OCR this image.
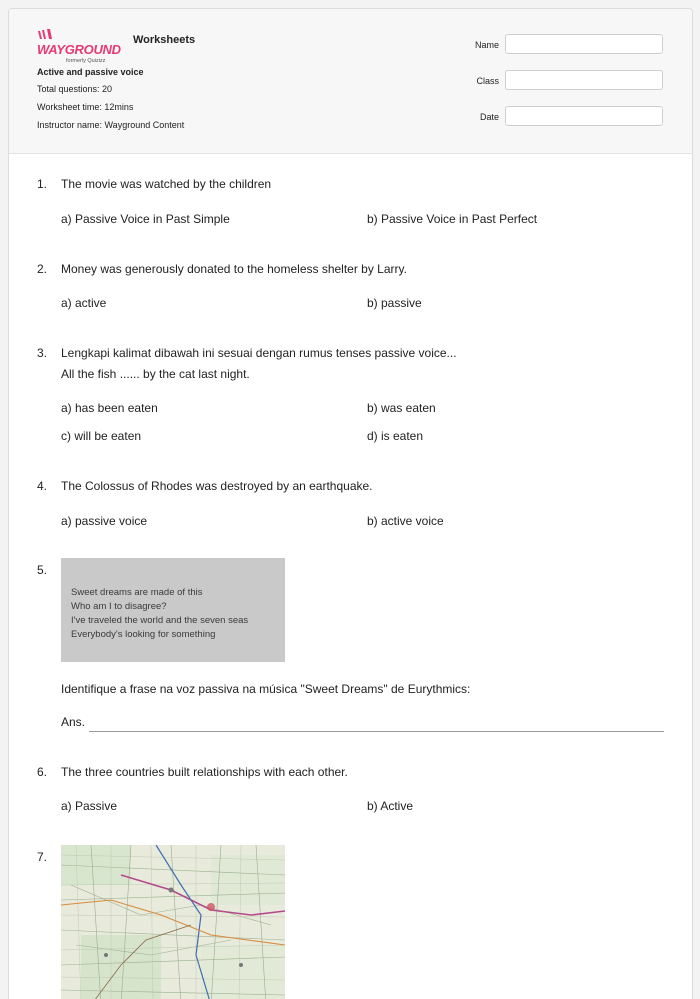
WAYGROUND
formerly Quizizz
Worksheets
Active and passive voice
Total questions: 20
Worksheet time: 12mins
Instructor name: Wayground Content
Name
Class
Date
1. The movie was watched by the children
a) Passive Voice in Past Simple	b) Passive Voice in Past Perfect
2. Money was generously donated to the homeless shelter by Larry.
a) active	b) passive
3. Lengkapi kalimat dibawah ini sesuai dengan rumus tenses passive voice...
All the fish ...... by the cat last night.
a) has been eaten	b) was eaten
c) will be eaten	d) is eaten
4. The Colossus of Rhodes was destroyed by an earthquake.
a) passive voice	b) active voice
5.
Sweet dreams are made of this
Who am I to disagree?
I've traveled the world and the seven seas
Everybody's looking for something
Identifique a frase na voz passiva na música "Sweet Dreams" de Eurythmics:
Ans.
6. The three countries built relationships with each other.
a) Passive	b) Active
7.
